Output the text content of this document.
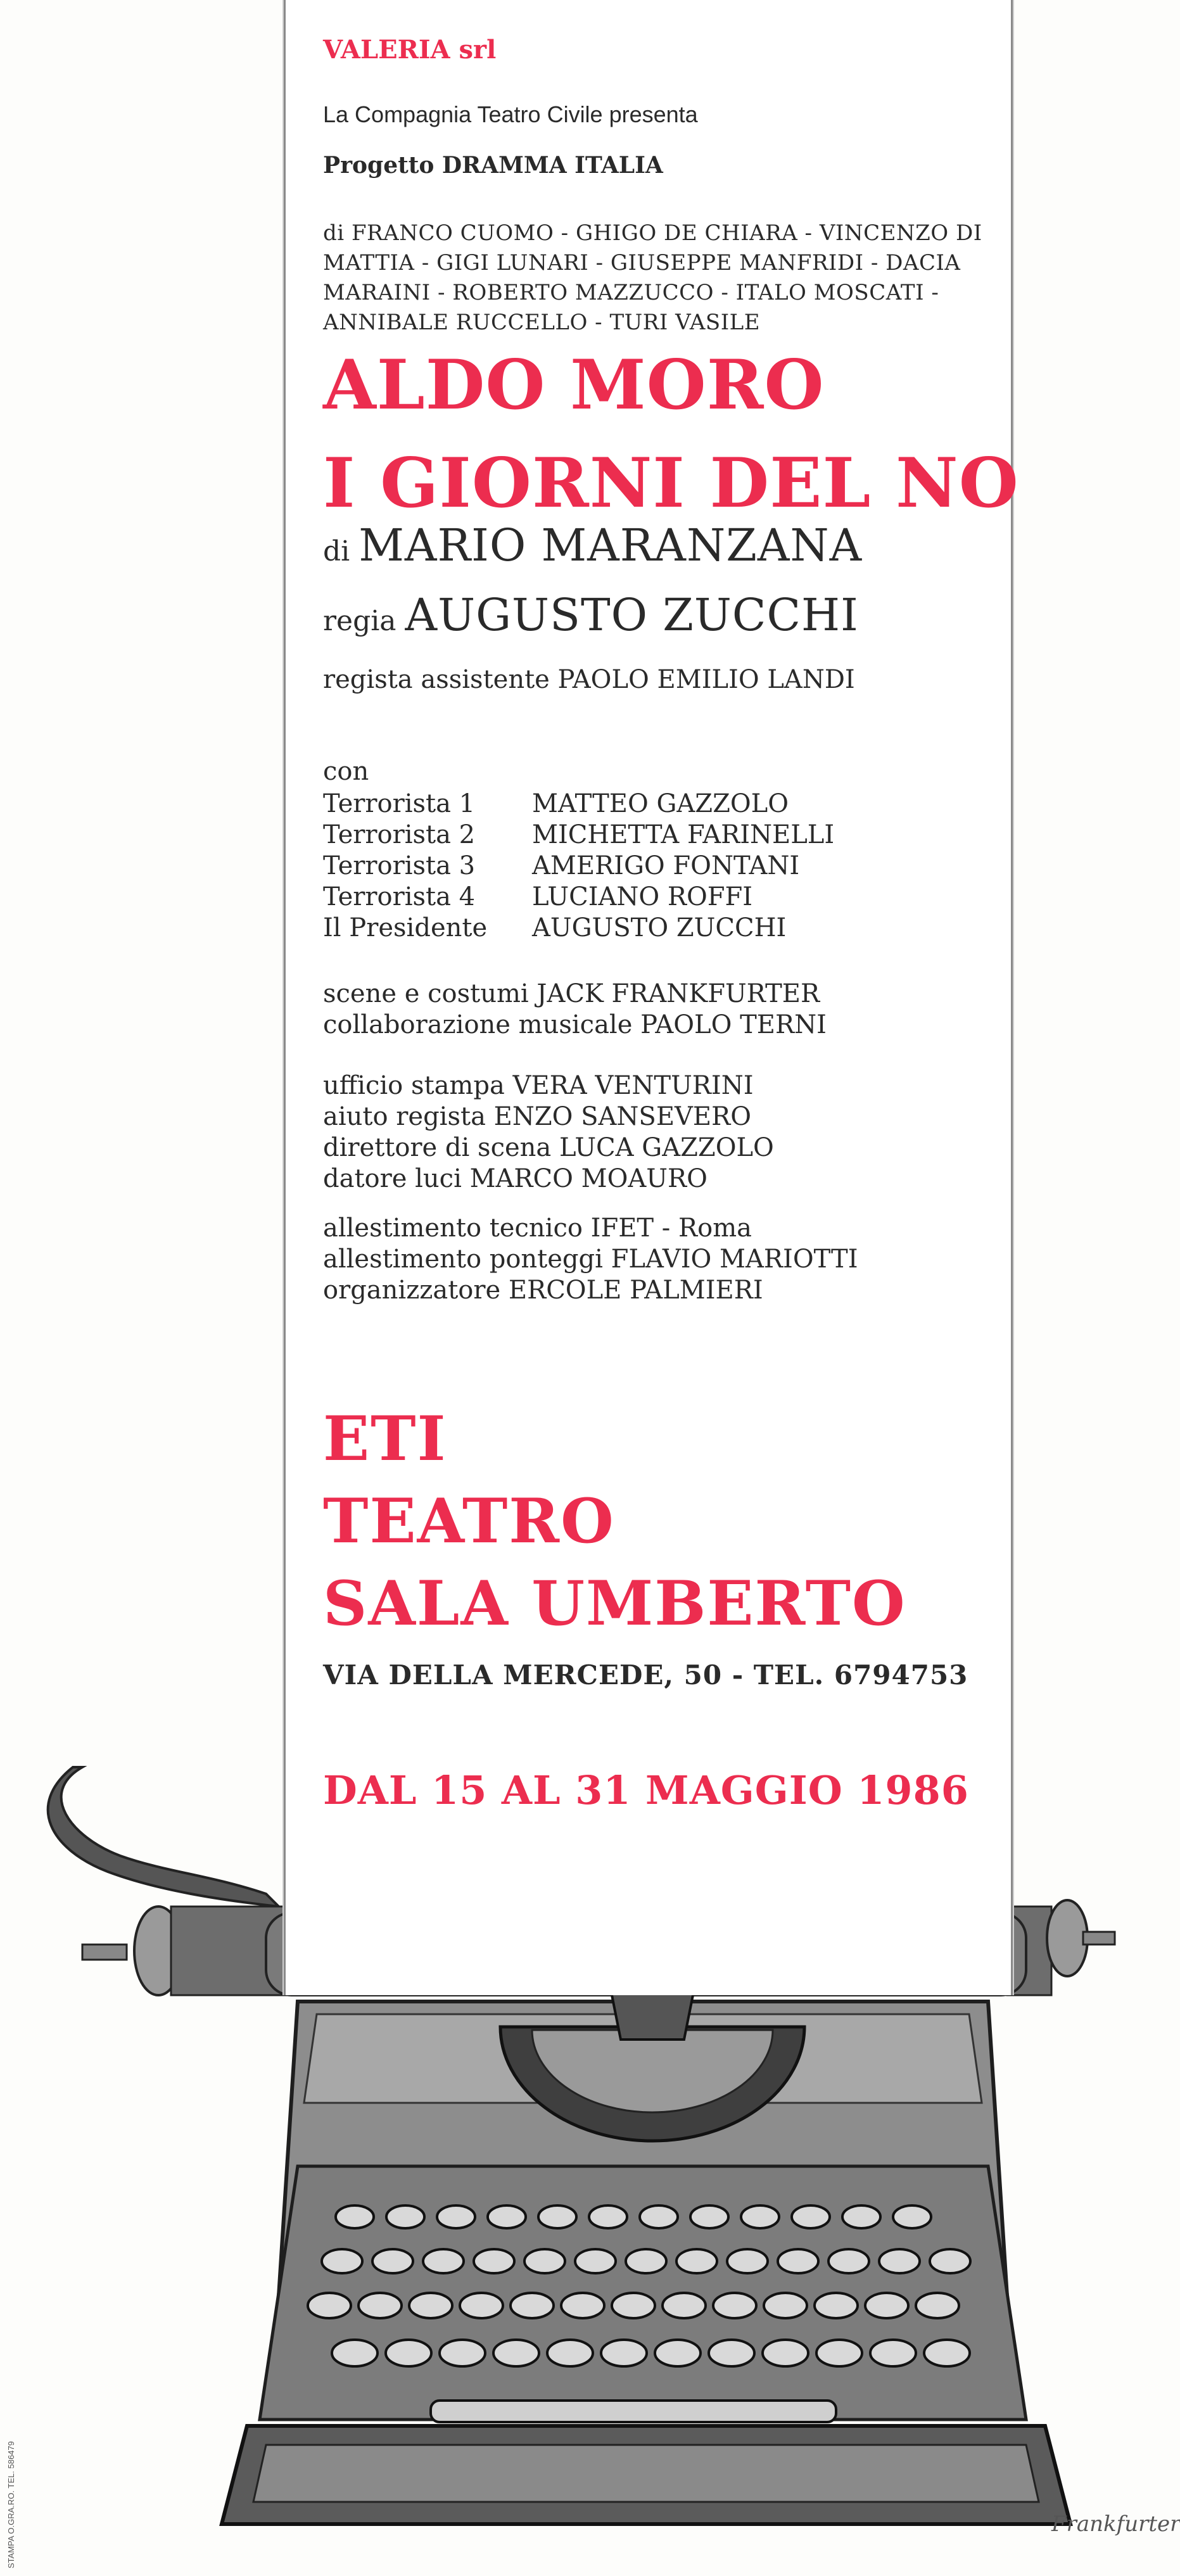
VALERIA srl
La Compagnia Teatro Civile presenta
Progetto DRAMMA ITALIA
di FRANCO CUOMO - GHIGO DE CHIARA - VINCENZO DI MATTIA - GIGI LUNARI - GIUSEPPE MANFRIDI - DACIA MARAINI - ROBERTO MAZZUCCO - ITALO MOSCATI - ANNIBALE RUCCELLO - TURI VASILE
ALDO MORO
I GIORNI DEL NO
di MARIO MARANZANA
regia AUGUSTO ZUCCHI
regista assistente PAOLO EMILIO LANDI
con
Terrorista 1	MATTEO GAZZOLO
Terrorista 2	MICHETTA FARINELLI
Terrorista 3	AMERIGO FONTANI
Terrorista 4	LUCIANO ROFFI
Il Presidente	AUGUSTO ZUCCHI
scene e costumi JACK FRANKFURTER
collaborazione musicale PAOLO TERNI
ufficio stampa VERA VENTURINI
aiuto regista ENZO SANSEVERO
direttore di scena LUCA GAZZOLO
datore luci MARCO MOAURO
allestimento tecnico IFET - Roma
allestimento ponteggi FLAVIO MARIOTTI
organizzatore ERCOLE PALMIERI
ETI
TEATRO
SALA UMBERTO
VIA DELLA MERCEDE, 50 - TEL. 6794753
DAL 15 AL 31 MAGGIO 1986
Frankfurter
STAMPA O.GRA.RO. TEL. 586479
